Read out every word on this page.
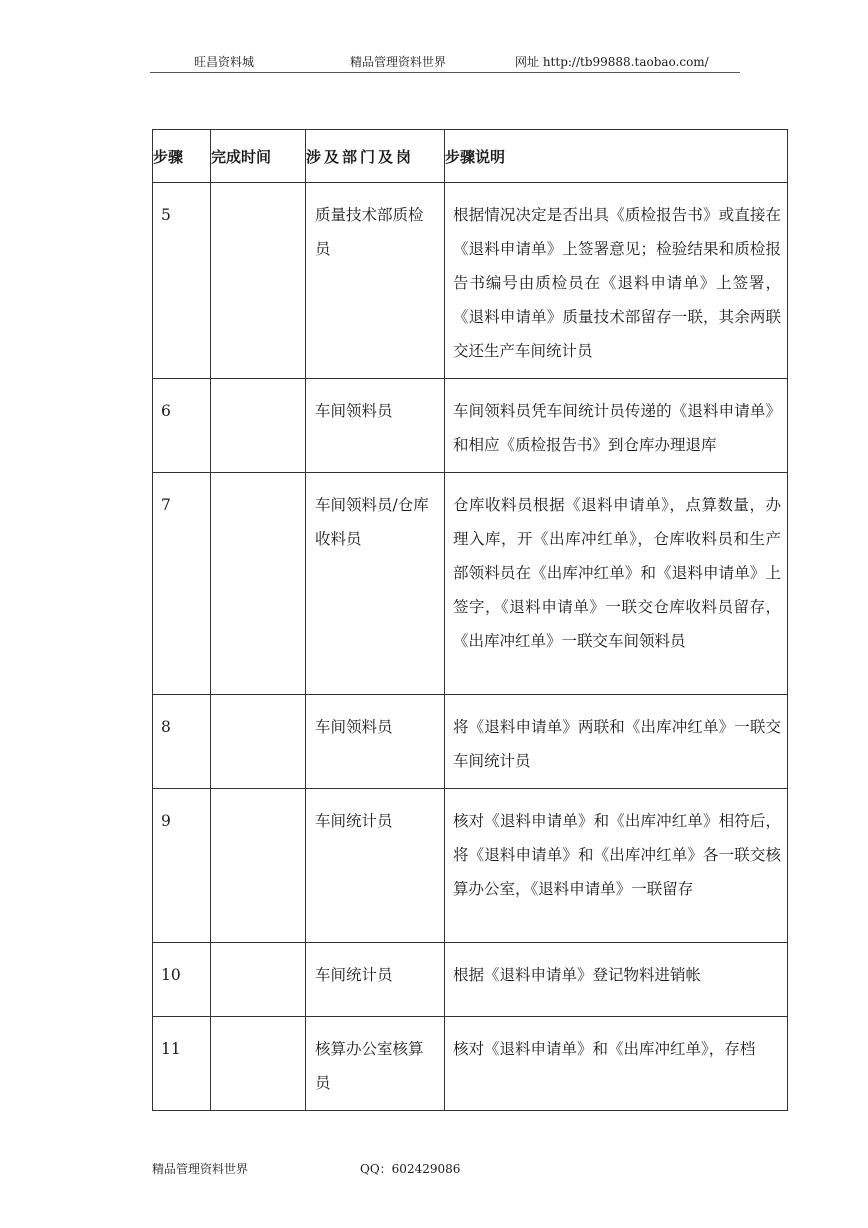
旺昌资料城	精品管理资料世界	网址 http://tb99888.taobao.com/
步骤	完成时间	涉及部门及岗	步骤说明

5		质量技术部质检员	根据情况决定是否出具《质检报告书》或直接在《退料申请单》上签署意见；检验结果和质检报告书编号由质检员在《退料申请单》上签署，《退料申请单》质量技术部留存一联，其余两联交还生产车间统计员

6		车间领料员	车间领料员凭车间统计员传递的《退料申请单》和相应《质检报告书》到仓库办理退库

7		车间领料员/仓库收料员	仓库收料员根据《退料申请单》，点算数量，办理入库，开《出库冲红单》，仓库收料员和生产部领料员在《出库冲红单》和《退料申请单》上签字，《退料申请单》一联交仓库收料员留存，《出库冲红单》一联交车间领料员

8		车间领料员	将《退料申请单》两联和《出库冲红单》一联交车间统计员

9		车间统计员	核对《退料申请单》和《出库冲红单》相符后，将《退料申请单》和《出库冲红单》各一联交核算办公室，《退料申请单》一联留存

10		车间统计员	根据《退料申请单》登记物料进销帐

11		核算办公室核算员	核对《退料申请单》和《出库冲红单》，存档
精品管理资料世界	QQ：602429086
